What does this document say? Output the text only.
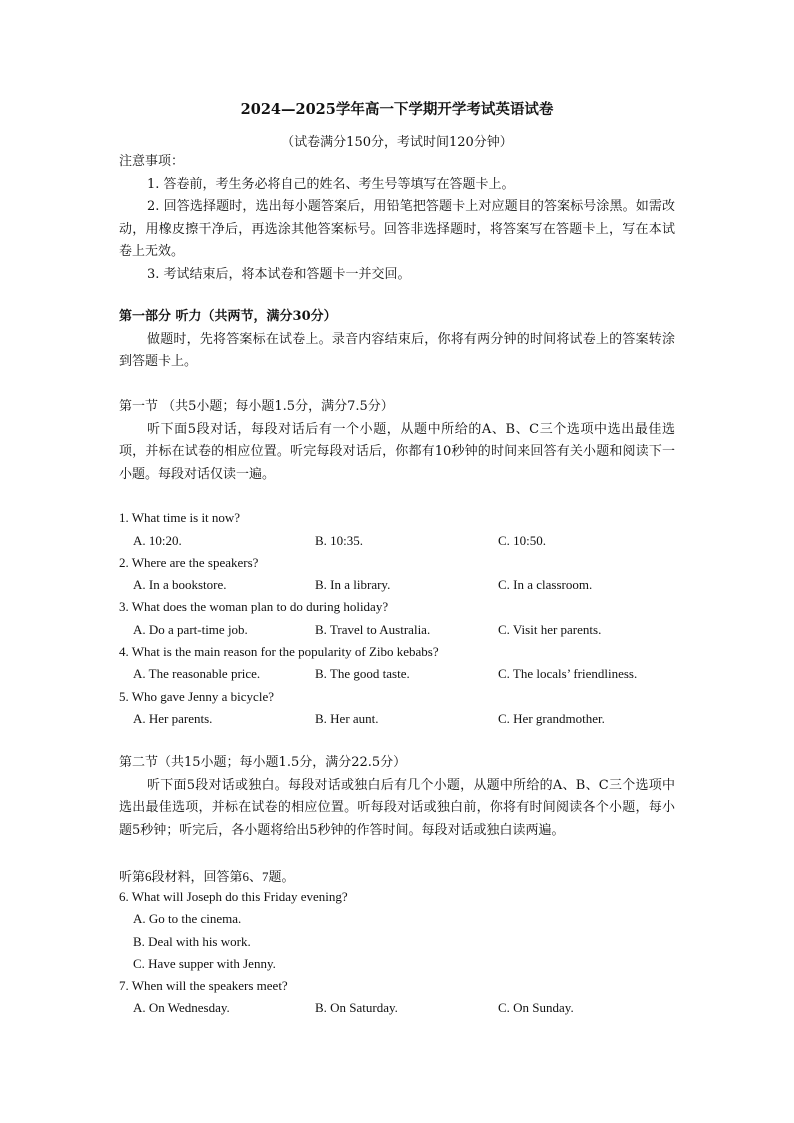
2024—2025学年高一下学期开学考试英语试卷
（试卷满分150分，考试时间120分钟）
注意事项：
1. 答卷前，考生务必将自己的姓名、考生号等填写在答题卡上。
2. 回答选择题时，选出每小题答案后，用铅笔把答题卡上对应题目的答案标号涂黑。如需改动，用橡皮擦干净后，再选涂其他答案标号。回答非选择题时，将答案写在答题卡上，写在本试卷上无效。
3. 考试结束后，将本试卷和答题卡一并交回。
第一部分 听力（共两节，满分30分）
做题时，先将答案标在试卷上。录音内容结束后，你将有两分钟的时间将试卷上的答案转涂到答题卡上。
第一节 （共5小题；每小题1.5分，满分7.5分）
听下面5段对话，每段对话后有一个小题，从题中所给的A、B、C三个选项中选出最佳选项，并标在试卷的相应位置。听完每段对话后，你都有10秒钟的时间来回答有关小题和阅读下一小题。每段对话仅读一遍。
1. What time is it now?
A. 10:20.	B. 10:35.	C. 10:50.
2. Where are the speakers?
A. In a bookstore.	B. In a library.	C. In a classroom.
3. What does the woman plan to do during holiday?
A. Do a part-time job.	B. Travel to Australia.	C. Visit her parents.
4. What is the main reason for the popularity of Zibo kebabs?
A. The reasonable price.	B. The good taste.	C. The locals’ friendliness.
5. Who gave Jenny a bicycle?
A. Her parents.	B. Her aunt.	C. Her grandmother.
第二节（共15小题；每小题1.5分，满分22.5分）
听下面5段对话或独白。每段对话或独白后有几个小题，从题中所给的A、B、C三个选项中选出最佳选项，并标在试卷的相应位置。听每段对话或独白前，你将有时间阅读各个小题，每小题5秒钟；听完后，各小题将给出5秒钟的作答时间。每段对话或独白读两遍。
听第6段材料，回答第6、7题。
6. What will Joseph do this Friday evening?
A. Go to the cinema.
B. Deal with his work.
C. Have supper with Jenny.
7. When will the speakers meet?
A. On Wednesday.	B. On Saturday.	C. On Sunday.
